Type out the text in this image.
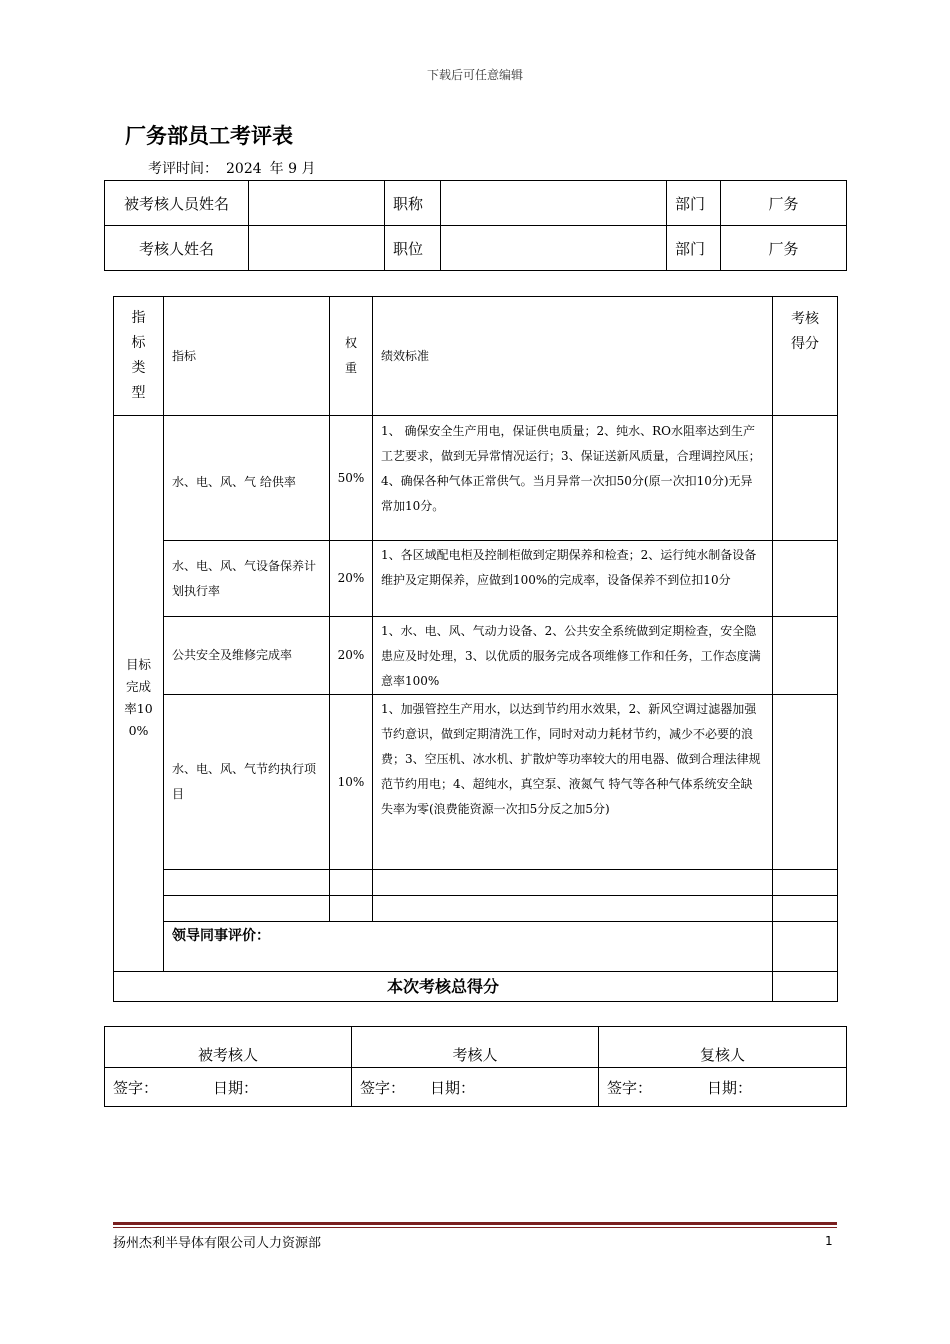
下载后可任意编辑
厂务部员工考评表
考评时间： 2024 年 9 月
被考核人员姓名		职称		部门	厂务
考核人姓名		职位		部门	厂务
指标类型	指标	权重	绩效标准	考核得分

目标完成率100%	水、电、风、气 给供率	50%	1、 确保安全生产用电，保证供电质量；2、纯水、RO水阻率达到生产工艺要求，做到无异常情况运行；3、保证送新风质量，合理调控风压；4、确保各种气体正常供气。当月异常一次扣50分(原一次扣10分)无异常加10分。	
	水、电、风、气设备保养计划执行率	20%	1、各区域配电柜及控制柜做到定期保养和检查；2、运行纯水制备设备维护及定期保养，应做到100%的完成率，设备保养不到位扣10分	
	公共安全及维修完成率	20%	1、水、电、风、气动力设备、2、公共安全系统做到定期检查，安全隐患应及时处理，3、以优质的服务完成各项维修工作和任务，工作态度满意率100%	
	水、电、风、气节约执行项目	10%	1、加强管控生产用水，以达到节约用水效果，2、新风空调过滤器加强节约意识，做到定期清洗工作，同时对动力耗材节约，减少不必要的浪费；3、空压机、冰水机、扩散炉等功率较大的用电器、做到合理法律规范节约用电；4、超纯水，真空泵、液氮气 特气等各种气体系统安全缺失率为零(浪费能资源一次扣5分反之加5分)	

	领导同事评价：			
本次考核总得分				
被考核人	考核人	复核人
签字： 日期：	签字： 日期：	签字： 日期：
扬州杰利半导体有限公司人力资源部	1
